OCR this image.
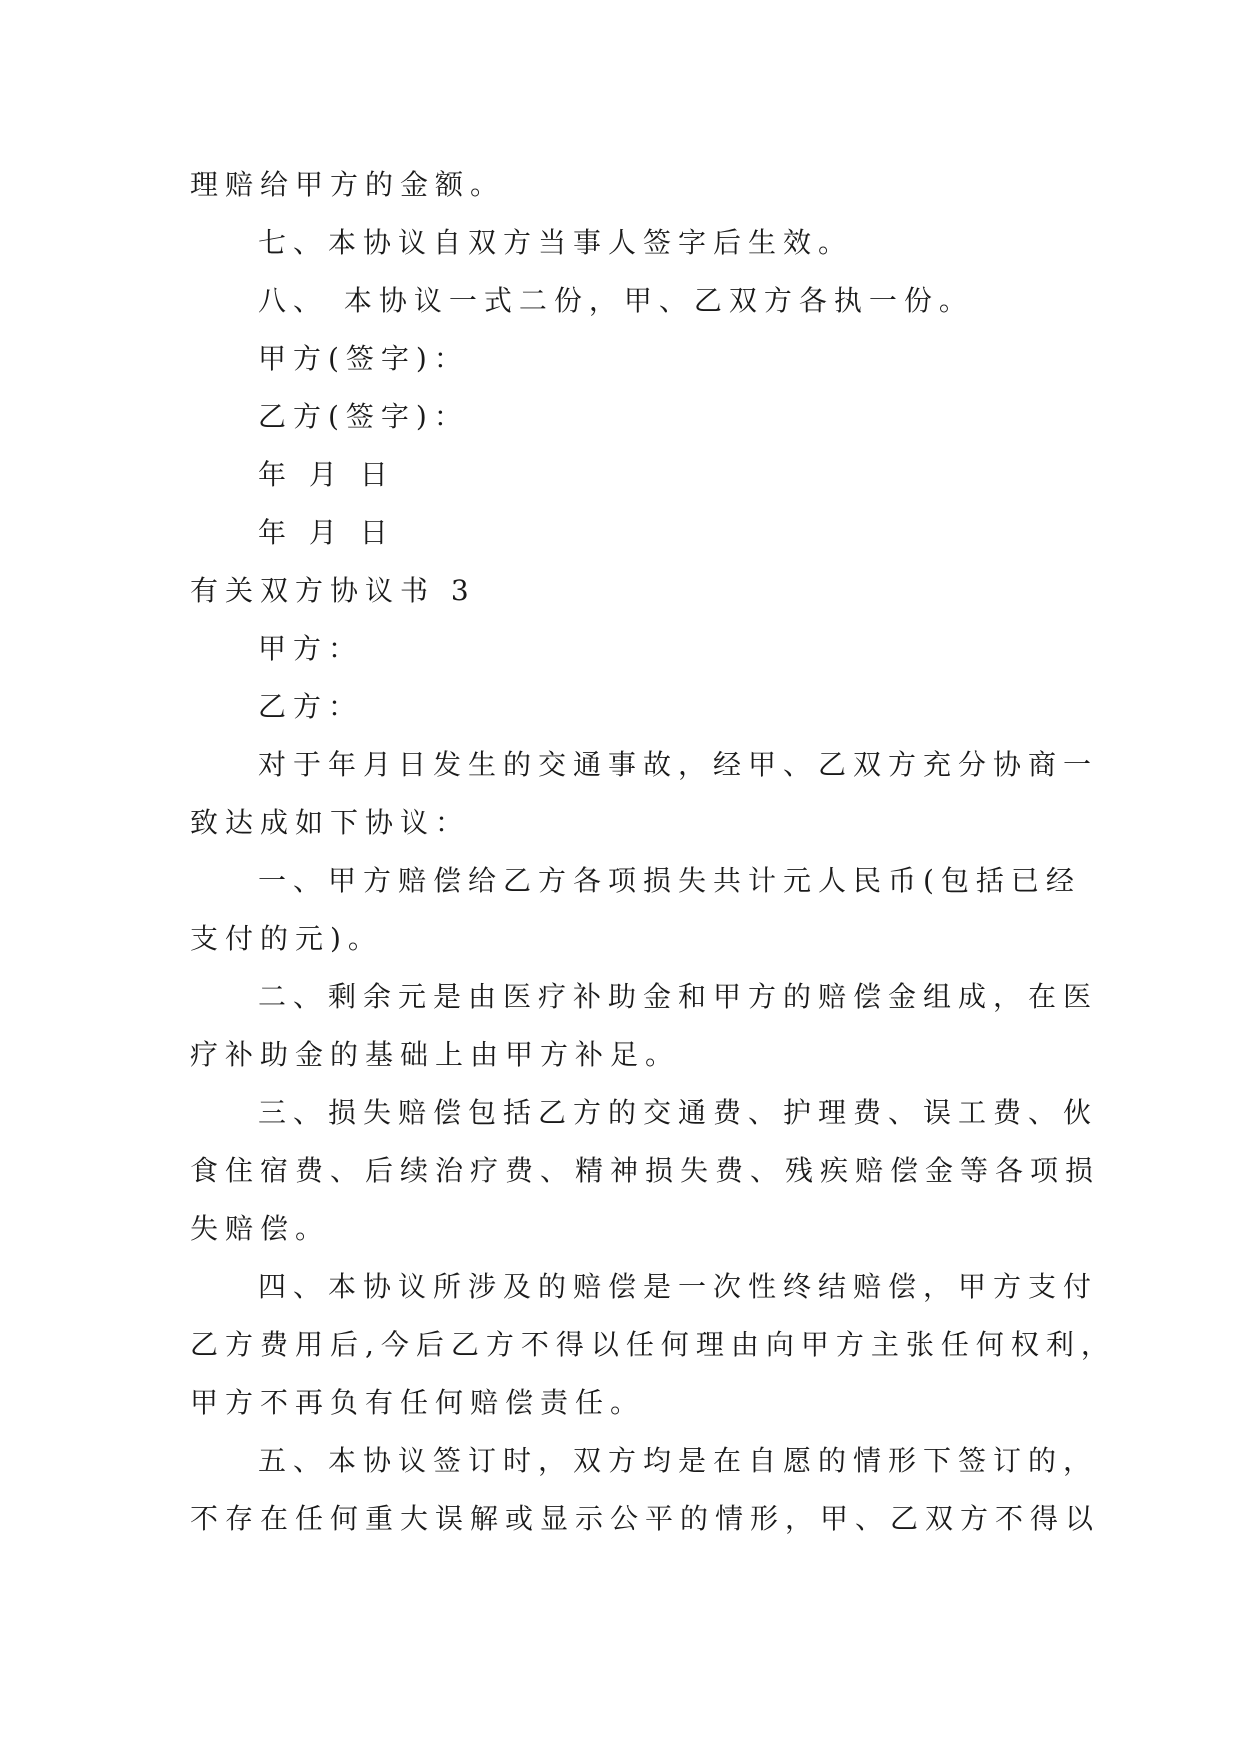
理赔给甲方的金额。
七、本协议自双方当事人签字后生效。
八、 本协议一式二份，甲、乙双方各执一份。
甲方(签字)：
乙方(签字)：
年 月 日
年 月 日
有关双方协议书 3
甲方：
乙方：
对于年月日发生的交通事故，经甲、乙双方充分协商一
致达成如下协议：
一、甲方赔偿给乙方各项损失共计元人民币(包括已经
支付的元)。
二、剩余元是由医疗补助金和甲方的赔偿金组成，在医
疗补助金的基础上由甲方补足。
三、损失赔偿包括乙方的交通费、护理费、误工费、伙
食住宿费、后续治疗费、精神损失费、残疾赔偿金等各项损
失赔偿。
四、本协议所涉及的赔偿是一次性终结赔偿，甲方支付
乙方费用后,今后乙方不得以任何理由向甲方主张任何权利，
甲方不再负有任何赔偿责任。
五、本协议签订时，双方均是在自愿的情形下签订的，
不存在任何重大误解或显示公平的情形，甲、乙双方不得以
